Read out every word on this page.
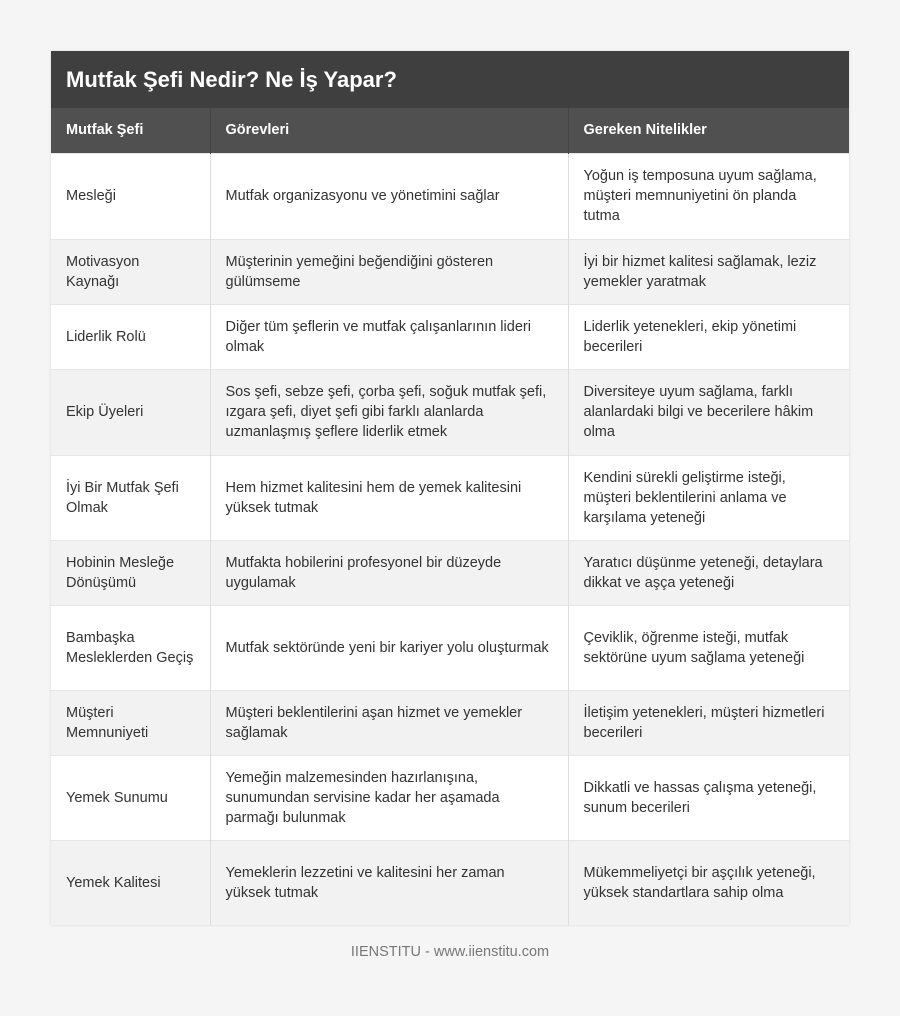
Mutfak Şefi Nedir? Ne İş Yapar?
Mutfak Şefi	Görevleri	Gereken Nitelikler
Mesleği	Mutfak organizasyonu ve yönetimini sağlar	Yoğun iş temposuna uyum sağlama, müşteri memnuniyetini ön planda tutma
Motivasyon Kaynağı	Müşterinin yemeğini beğendiğini gösteren gülümseme	İyi bir hizmet kalitesi sağlamak, leziz yemekler yaratmak
Liderlik Rolü	Diğer tüm şeflerin ve mutfak çalışanlarının lideri olmak	Liderlik yetenekleri, ekip yönetimi becerileri
Ekip Üyeleri	Sos şefi, sebze şefi, çorba şefi, soğuk mutfak şefi, ızgara şefi, diyet şefi gibi farklı alanlarda uzmanlaşmış şeflere liderlik etmek	Diversiteye uyum sağlama, farklı alanlardaki bilgi ve becerilere hâkim olma
İyi Bir Mutfak Şefi Olmak	Hem hizmet kalitesini hem de yemek kalitesini yüksek tutmak	Kendini sürekli geliştirme isteği, müşteri beklentilerini anlama ve karşılama yeteneği
Hobinin Mesleğe Dönüşümü	Mutfakta hobilerini profesyonel bir düzeyde uygulamak	Yaratıcı düşünme yeteneği, detaylara dikkat ve aşça yeteneği
Bambaşka Mesleklerden Geçiş	Mutfak sektöründe yeni bir kariyer yolu oluşturmak	Çeviklik, öğrenme isteği, mutfak sektörüne uyum sağlama yeteneği
Müşteri Memnuniyeti	Müşteri beklentilerini aşan hizmet ve yemekler sağlamak	İletişim yetenekleri, müşteri hizmetleri becerileri
Yemek Sunumu	Yemeğin malzemesinden hazırlanışına, sunumundan servisine kadar her aşamada parmağı bulunmak	Dikkatli ve hassas çalışma yeteneği, sunum becerileri
Yemek Kalitesi	Yemeklerin lezzetini ve kalitesini her zaman yüksek tutmak	Mükemmeliyetçi bir aşçılık yeteneği, yüksek standartlara sahip olma
IIENSTITU - www.iienstitu.com
